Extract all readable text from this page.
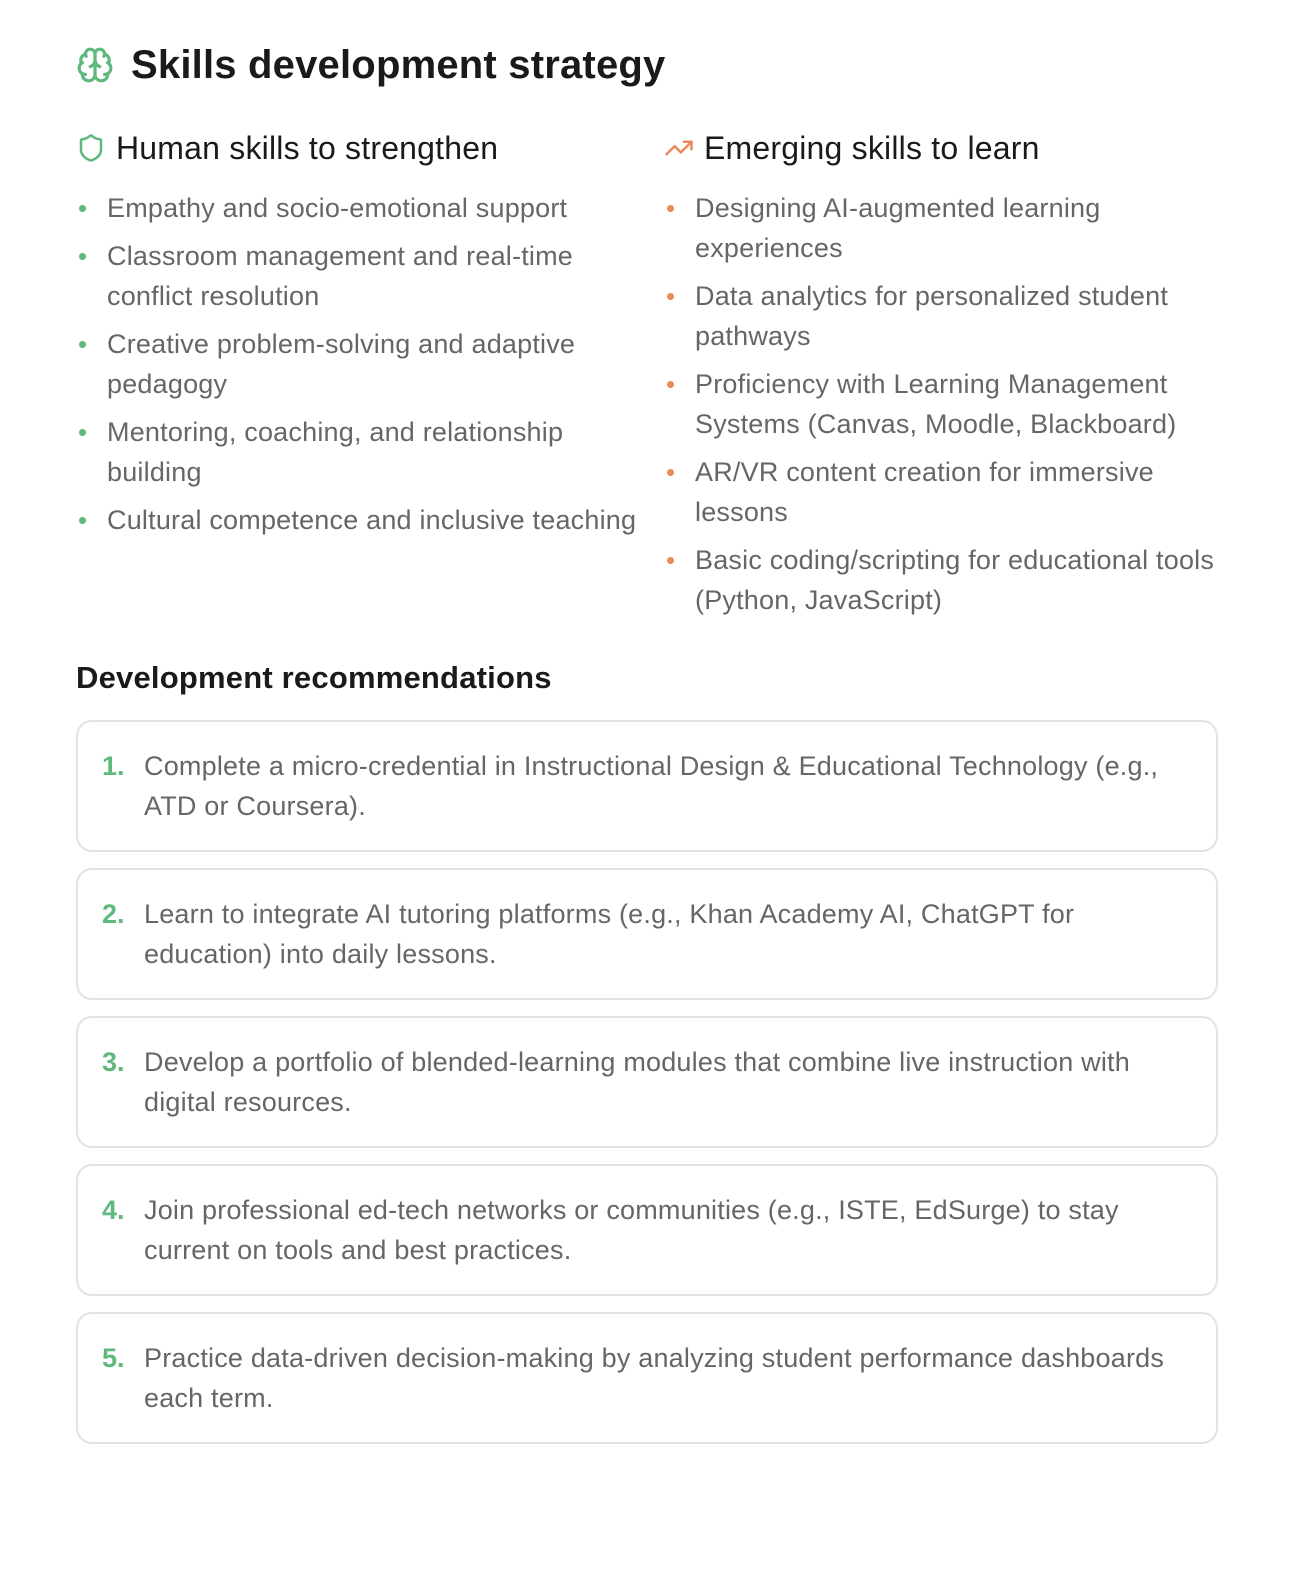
Skills development strategy
Human skills to strengthen
Empathy and socio-emotional support
Classroom management and real-time conflict resolution
Creative problem-solving and adaptive pedagogy
Mentoring, coaching, and relationship building
Cultural competence and inclusive teaching
Emerging skills to learn
Designing AI-augmented learning experiences
Data analytics for personalized student pathways
Proficiency with Learning Management Systems (Canvas, Moodle, Blackboard)
AR/VR content creation for immersive lessons
Basic coding/scripting for educational tools (Python, JavaScript)
Development recommendations
1. Complete a micro-credential in Instructional Design & Educational Technology (e.g., ATD or Coursera).
2. Learn to integrate AI tutoring platforms (e.g., Khan Academy AI, ChatGPT for education) into daily lessons.
3. Develop a portfolio of blended-learning modules that combine live instruction with digital resources.
4. Join professional ed-tech networks or communities (e.g., ISTE, EdSurge) to stay current on tools and best practices.
5. Practice data-driven decision-making by analyzing student performance dashboards each term.
